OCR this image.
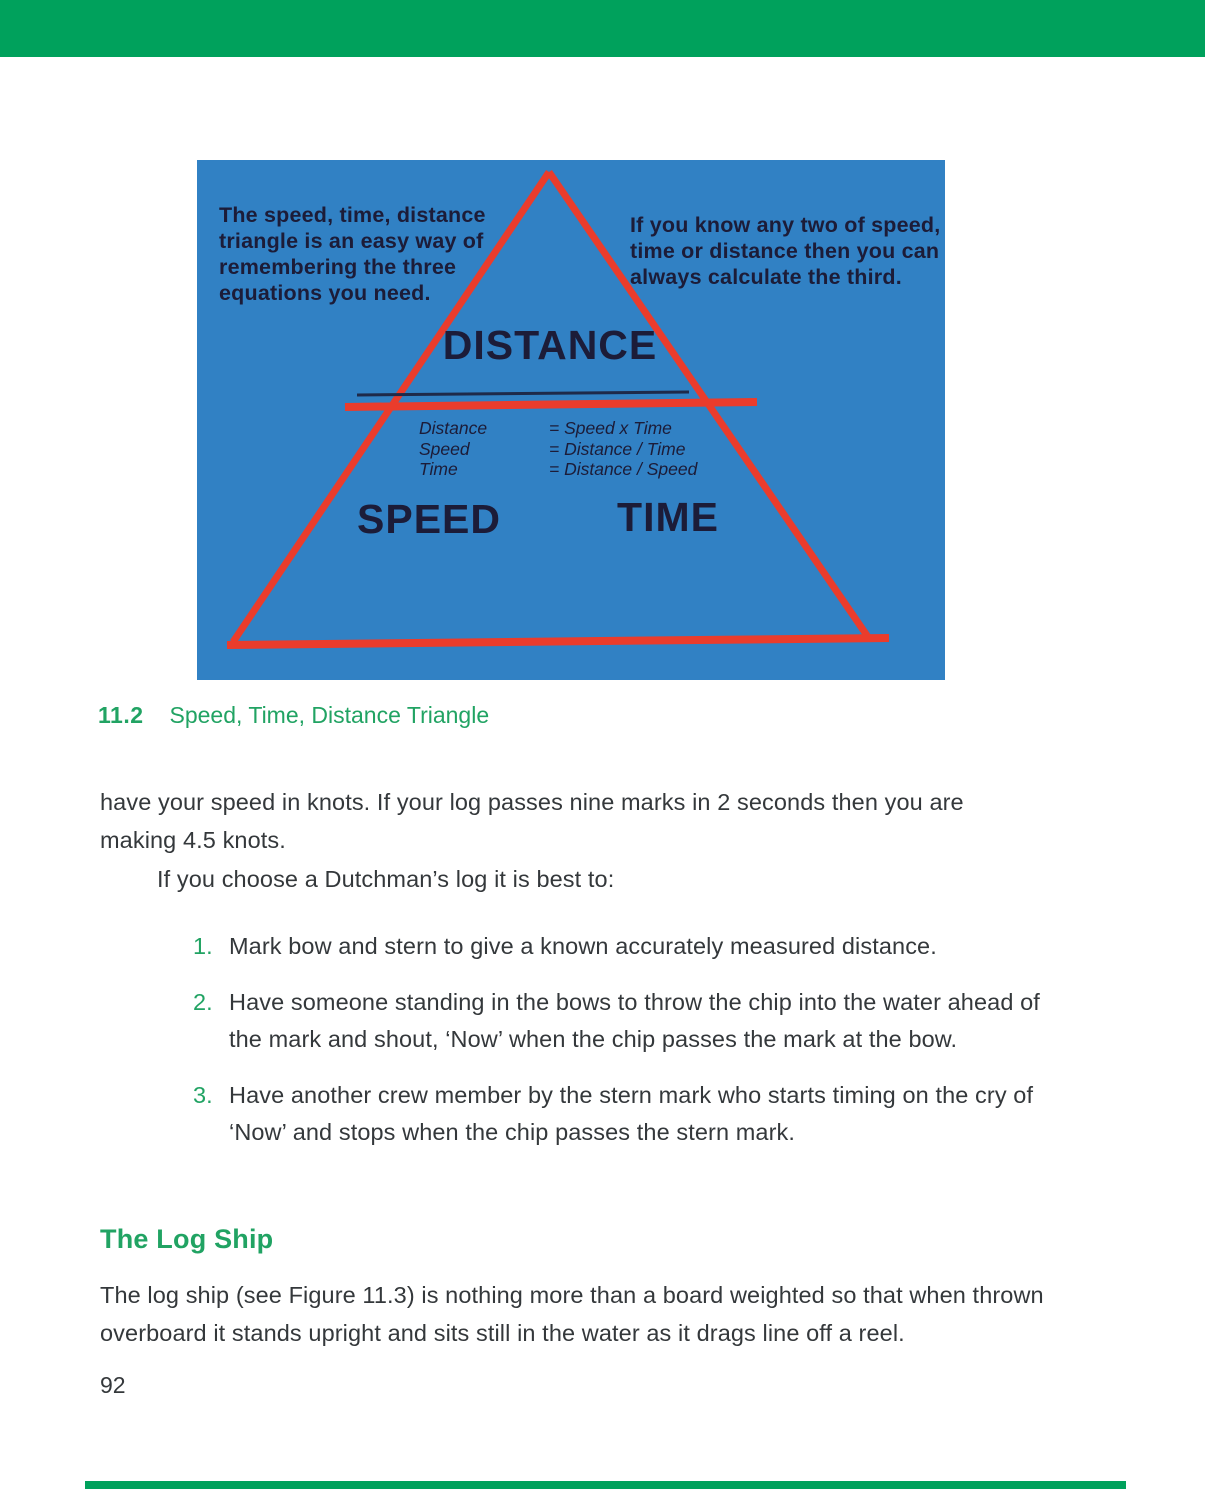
The speed, time, distance triangle is an easy way of remembering the three equations you need.
If you know any two of speed, time or distance then you can always calculate the third.
DISTANCE
Distance	= Speed x Time
Speed	= Distance / Time
Time	= Distance / Speed
SPEED	TIME
11.2 Speed, Time, Distance Triangle

have your speed in knots. If your log passes nine marks in 2 seconds then you are making 4.5 knots.

If you choose a Dutchman’s log it is best to:

1. Mark bow and stern to give a known accurately measured distance.
2. Have someone standing in the bows to throw the chip into the water ahead of the mark and shout, ‘Now’ when the chip passes the mark at the bow.
3. Have another crew member by the stern mark who starts timing on the cry of ‘Now’ and stops when the chip passes the stern mark.
The Log Ship

The log ship (see Figure 11.3) is nothing more than a board weighted so that when thrown overboard it stands upright and sits still in the water as it drags line off a reel.

92
